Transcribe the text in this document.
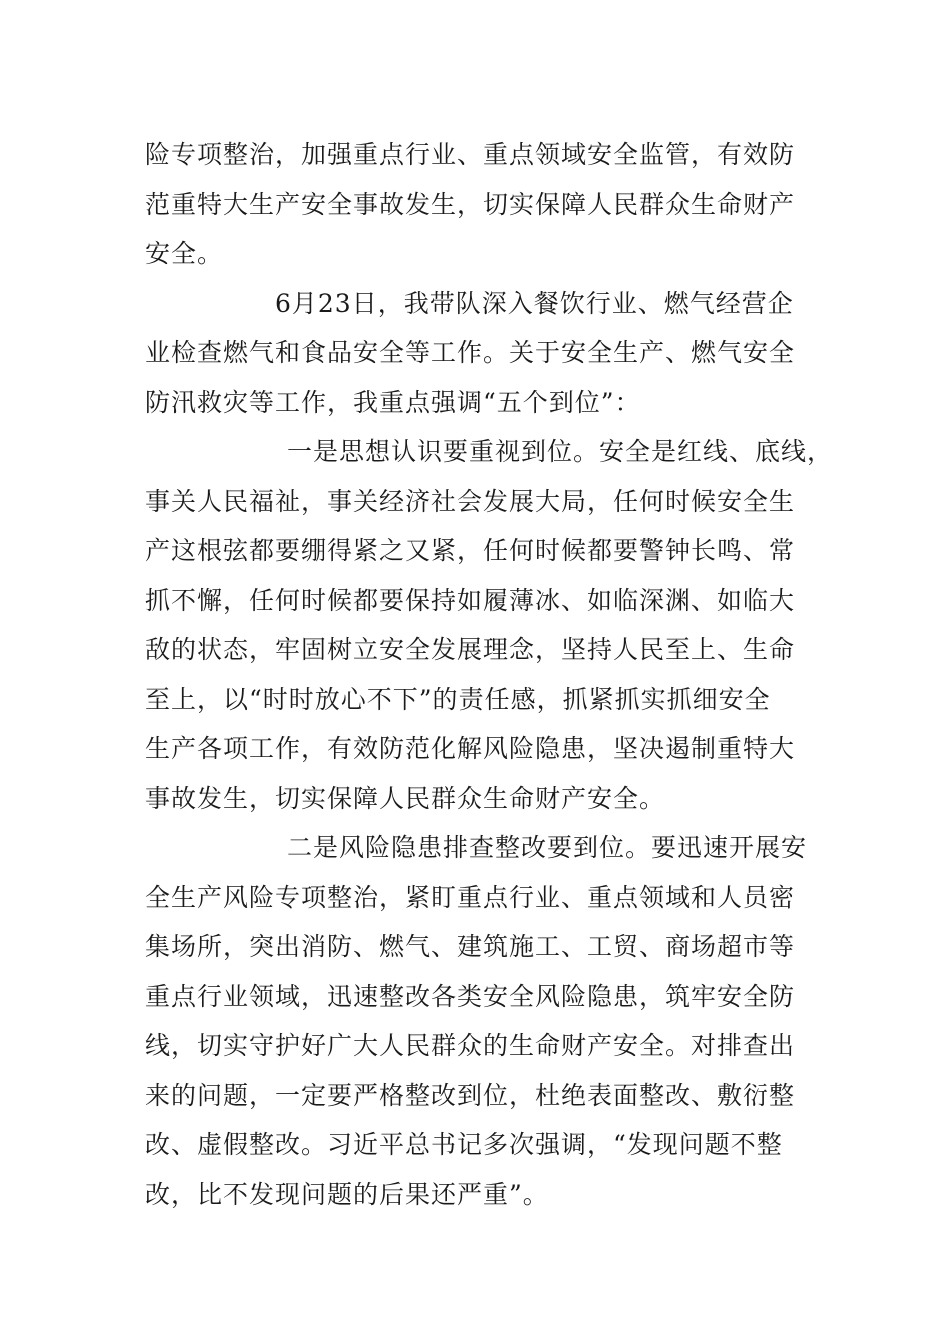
险专项整治，加强重点行业、重点领域安全监管，有效防
范重特大生产安全事故发生，切实保障人民群众生命财产
安全。
6月23日，我带队深入餐饮行业、燃气经营企
业检查燃气和食品安全等工作。关于安全生产、燃气安全
防汛救灾等工作，我重点强调“五个到位”：
一是思想认识要重视到位。安全是红线、底线，
事关人民福祉，事关经济社会发展大局，任何时候安全生
产这根弦都要绷得紧之又紧，任何时候都要警钟长鸣、常
抓不懈，任何时候都要保持如履薄冰、如临深渊、如临大
敌的状态，牢固树立安全发展理念，坚持人民至上、生命
至上，以“时时放心不下”的责任感，抓紧抓实抓细安全
生产各项工作，有效防范化解风险隐患，坚决遏制重特大
事故发生，切实保障人民群众生命财产安全。
二是风险隐患排查整改要到位。要迅速开展安
全生产风险专项整治，紧盯重点行业、重点领域和人员密
集场所，突出消防、燃气、建筑施工、工贸、商场超市等
重点行业领域，迅速整改各类安全风险隐患，筑牢安全防
线，切实守护好广大人民群众的生命财产安全。对排查出
来的问题，一定要严格整改到位，杜绝表面整改、敷衍整
改、虚假整改。习近平总书记多次强调，“发现问题不整
改，比不发现问题的后果还严重”。
